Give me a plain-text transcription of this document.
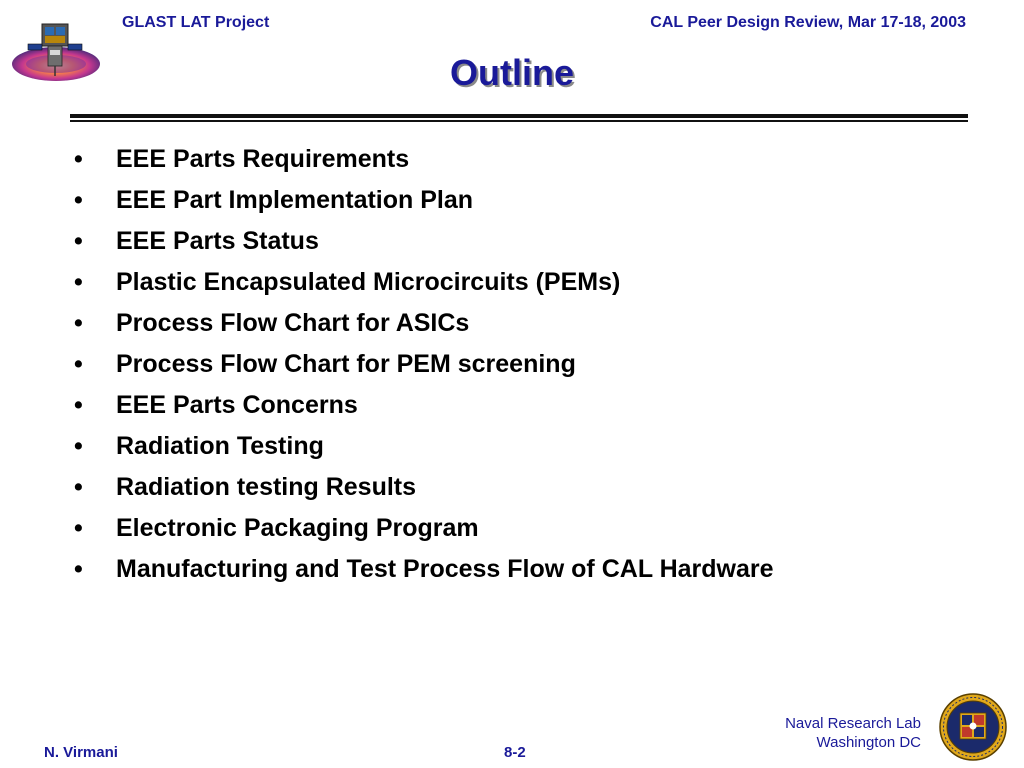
GLAST LAT Project	CAL Peer Design Review, Mar 17-18, 2003
Outline
•	EEE Parts Requirements
•	EEE Part Implementation Plan
•	EEE Parts Status
•	Plastic Encapsulated Microcircuits (PEMs)
•	Process Flow Chart for ASICs
•	Process Flow Chart for PEM screening
•	EEE Parts Concerns
•	Radiation Testing
•	Radiation testing Results
•	Electronic Packaging Program
•	Manufacturing and Test Process Flow of CAL Hardware
Naval Research Lab
Washington DC
N. Virmani	8-2
